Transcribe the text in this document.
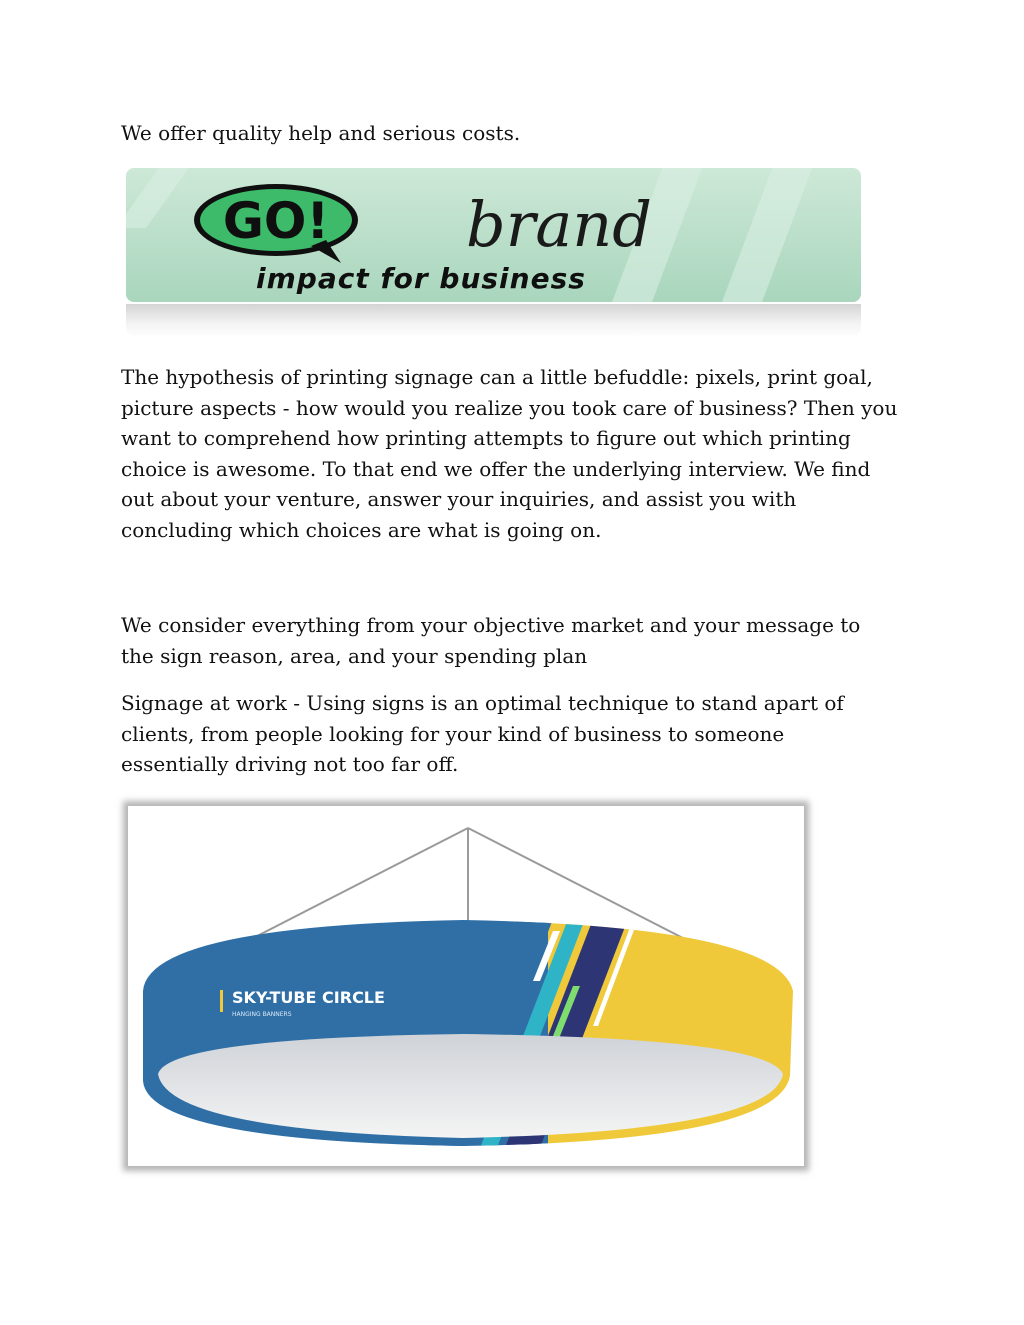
We offer quality help and serious costs.

GO! brand
impact for business

The hypothesis of printing signage can a little befuddle: pixels, print goal,
picture aspects - how would you realize you took care of business? Then you
want to comprehend how printing attempts to figure out which printing
choice is awesome. To that end we offer the underlying interview. We find
out about your venture, answer your inquiries, and assist you with
concluding which choices are what is going on.

We consider everything from your objective market and your message to
the sign reason, area, and your spending plan

Signage at work - Using signs is an optimal technique to stand apart of
clients, from people looking for your kind of business to someone
essentially driving not too far off.

SKY-TUBE CIRCLE
HANGING BANNERS
